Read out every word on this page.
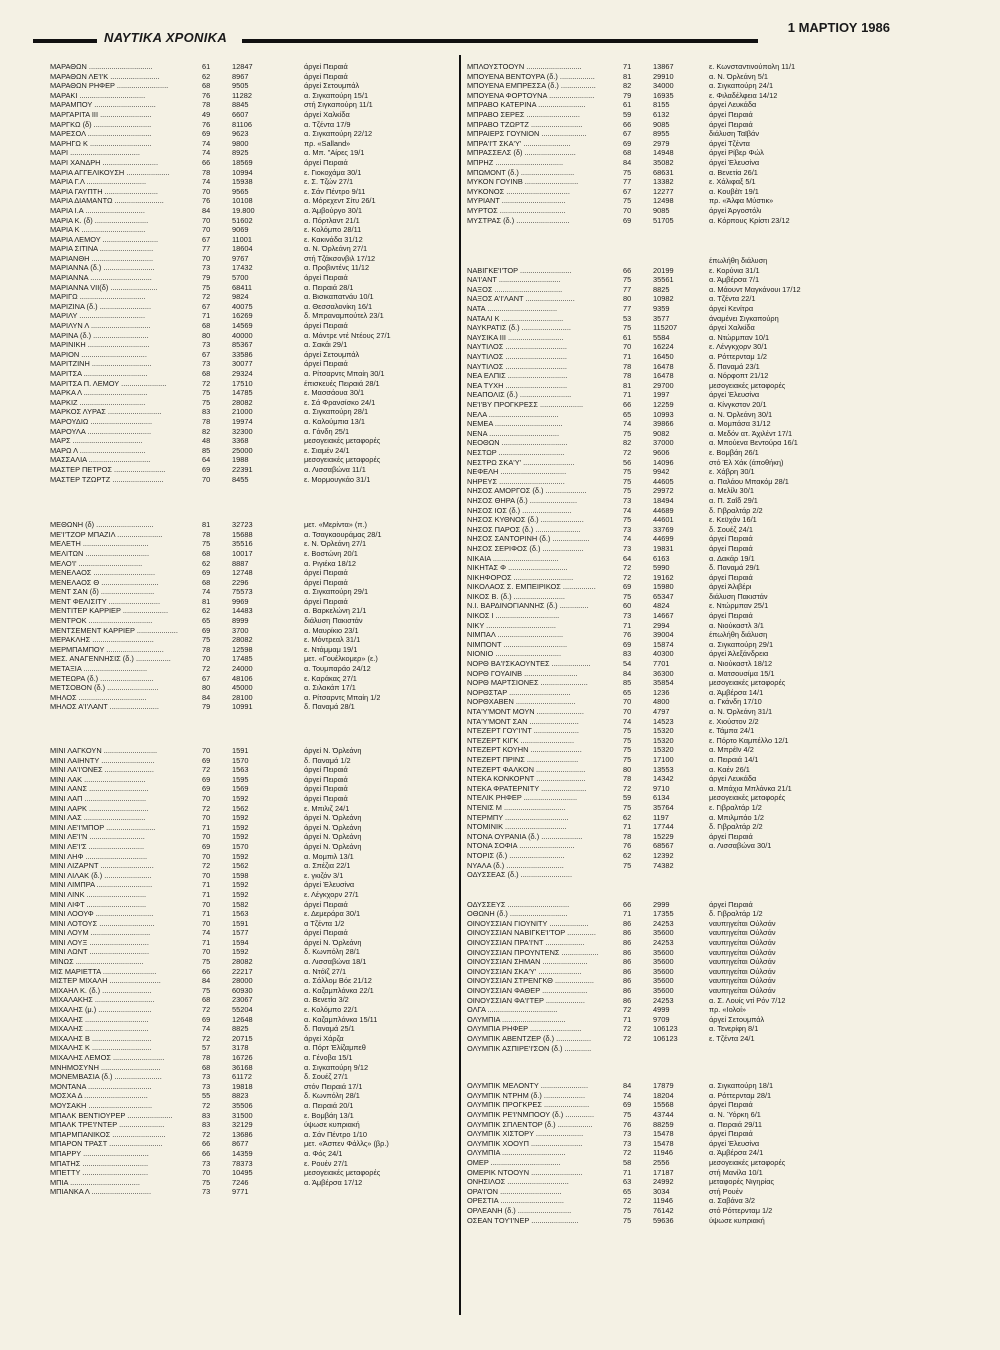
ΝΑΥΤΙΚΑ ΧΡΟΝΙΚΑ
1 ΜΑΡΤΙΟΥ 1986
ΜΑΡΑΘΩΝ ...............................	61	12847	άργεί Πειραιά
ΜΑΡΑΘΩΝ ΛΕ'Ι'Κ ........................	62	8967	άργεί Πειραιά
ΜΑΡΑΘΩΝ ΡΗΦΕΡ .........................	68	9505	άργεί Σετουμπάλ
ΜΑΡΑΚΙ ................................	76	11282	α. Σιγκαπούρη 15/1
ΜΑΡΑΜΠΟΥ ..............................	78	8845	στή Σιγκαπούρη 11/1
ΜΑΡΓΑΡΙΤΑ III .........................	49	6607	άργεί Χαλκίδα
ΜΑΡΓΚΩ (δ) ............................	76	81106	α. Τζέντα 17/9
ΜΑΡΕΣΟΛ ...............................	69	9623	α. Σιγκαπούρη 22/12
ΜΑΡΗΓΩ Κ ..............................	74	9800	πρ. «Salland»
ΜΑΡΙ ..................................	74	8925	α. Μπ. "Αίρες 19/1
ΜΑΡΙ ΧΑΝΔΡΗ ...........................	66	18569	άργεί Πειραιά
ΜΑΡΙΑ ΑΓΓΕΛΙΚΟΥΣΗ .....................	78	10994	ε. Γιοκοχάμα 30/1
ΜΑΡΙΑ Γ.Λ .............................	74	15938	ε. Σ. Τζών 27/1
ΜΑΡΙΑ ΓΑΥΠΤΗ ..........................	70	9565	ε. Σάν Πέντρο 9/11
ΜΑΡΙΑ ΔΙΑΜΑΝΤΩ ........................	76	10108	α. Μόρεχεντ Σίτυ 26/1
ΜΑΡΙΑ Ι.Α .............................	84	19.800	α. Άμβούργο 30/1
ΜΑΡΙΑ Κ. (δ) ..........................	70	51602	α. Πόρτλαντ 21/1
ΜΑΡΙΑ Κ ...............................	70	9069	ε. Κολόμπο 28/11
ΜΑΡΙΑ ΛΕΜΟΥ ...........................	67	11001	ε. Κακινάδα 31/12
ΜΑΡΙΑ ΣΙΤΙΝΑ ..........................	77	18604	α. Ν. Όρλεάνη 27/1
ΜΑΡΙΑΝΘΗ ..............................	70	9767	στή Τζάκσονβιλ 17/12
ΜΑΡΙΑΝΝΑ (δ.) .........................	73	17432	α. Προβιντένς 11/12
ΜΑΡΙΑΝΝΑ ..............................	79	5700	άργεί Πειραιά
ΜΑΡΙΑΝΝΑ VII(δ) .......................	75	68411	α. Πειραιά 28/1
ΜΑΡΙΓΩ ................................	72	9824	α. Βισικαπατνάυ 10/1
ΜΑΡΙΖΙΝΑ (δ.) .........................	67	40075	α. Θεσσαλονίκη 16/1
ΜΑΡΙΛΥ ................................	71	16269	δ. Μπραναμπούτελ 23/1
ΜΑΡΙΛΥΝ Λ .............................	68	14569	άργεί Πειραιά
ΜΑΡΙΝΑ (δ.) ...........................	80	40000	α. Μάντρε ντέ Ντέους 27/1
ΜΑΡΙΝΙΚΗ ..............................	73	85367	α. Σακάι 29/1
ΜΑΡΙΟΝ ................................	67	33586	άργεί Σετουμπάλ
ΜΑΡΙΤΖΙΝΗ .............................	73	30077	άργεί Πειραιά
ΜΑΡΙΤΣΑ ...............................	68	29324	α. Ρίτσαρντς Μπαίη 30/1
ΜΑΡΙΤΣΑ Π. ΛΕΜΟΥ ......................	72	17510	έπισκευές Πειραιά 28/1
ΜΑΡΚΑ Λ ...............................	75	14785	ε. Μασσάουα 30/1
ΜΑΡΚΙΖ ................................	75	28082	ε. Σά Φρανσίσκο 24/1
ΜΑΡΚΟΣ ΛΥΡΑΣ ..........................	83	21000	α. Σιγκαπούρη 28/1
ΜΑΡΟΥΔΙΩ ..............................	78	19974	α. Καλούμπια 13/1
ΜΑΡΟΥΛΑ ...............................	82	32300	α. Γάνδη 25/1
ΜΑΡΣ ..................................	48	3368	μεσογειακές μεταφορές
ΜΑΡΩ Λ ................................	85	25000	ε. Σιαμέν 24/1
ΜΑΣΣΑΛΙΑ ..............................	64	1988	μεσογειακές μεταφορές
ΜΑΣΤΕΡ ΠΕΤΡΟΣ .........................	69	22391	α. Λισσαβώνα 11/1
ΜΑΣΤΕΡ ΤΖΩΡΤΖ .........................	70	8455	ε. Μορμουγκάο 31/1
ΜΕΘΩΝΗ (δ) ............................	81	32723	μετ. «Μερίντα» (π.)
ΜΕ'Ι'ΤΖΟΡ ΜΠΑΖΙΛ ......................	78	15688	α. Τσαγκαουράμας 28/1
ΜΕΛΕΤΗ ................................	75	35516	ε. Ν. Όρλεάνη 27/1
ΜΕΛΙΤΩΝ ...............................	68	10017	ε. Βοστώνη 20/1
ΜΕΛΟ'Ι' ...............................	62	8887	α. Ριγιέκα 18/12
ΜΕΝΕΛΑΟΣ ..............................	69	12748	άργεί Πειραιά
ΜΕΝΕΛΑΟΣ Θ ............................	68	2296	άργεί Πειραιά
ΜΕΝΤ ΣΑΝ (δ) ..........................	74	75573	α. Σιγκαπούρη 29/1
ΜΕΝΤ ΦΕΛΙΣΙΤΥ .........................	81	9969	άργεί Πειραιά
ΜΕΝΤΙΤΕΡ ΚΑΡΡΙΕΡ ......................	62	14483	α. Βαρκελώνη 21/1
ΜΕΝΤΡΟΚ ...............................	65	8999	διάλυση Πακιστάν
ΜΕΝΤΣΕΜΕΝΤ ΚΑΡΡΙΕΡ ....................	69	3700	α. Μαυρίκιο 23/1
ΜΕΡΑΚΛΗΣ ..............................	75	28082	ε. Μόντρεαλ 31/1
ΜΕΡΜΠΑΜΠΟΥ ............................	78	12598	ε. Ντάμμαμ 19/1
ΜΕΣ. ΑΝΑΓΕΝΝΗΣΙΣ (δ.) .................	70	17485	μετ. «Γουέλκομερ» (ε.)
ΜΕΤΑΞΙΑ ...............................	72	24000	α. Τουμπαράο 24/12
ΜΕΤΕΩΡΑ (δ.) ..........................	67	48106	ε. Καράκας 27/1
ΜΕΤΣΟΒΟΝ (δ.) .........................	80	45000	α. Σιλακάπ 17/1
ΜΗΛΟΣ .................................	84	28100	α. Ρίτσαρντς Μπαίη 1/2
ΜΗΛΟΣ Α'Ι'ΛΑΝΤ ........................	79	10991	δ. Παναμά 28/1
ΜΙΝΙ ΛΑΓΚΟΥΝ ..........................	70	1591	άργεί Ν. Όρλεάνη
ΜΙΝΙ ΛΑΙΗΝΤΥ ..........................	69	1570	δ. Παναμά 1/2
ΜΙΝΙ ΛΑ'Ι'ΟΝΕΣ ........................	72	1563	άργεί Πειραιά
ΜΙΝΙ ΛΑΚ ..............................	69	1595	άργεί Πειραιά
ΜΙΝΙ ΛΑΝΣ .............................	69	1569	άργεί Πειραιά
ΜΙΝΙ ΛΑΠ ..............................	70	1592	άργεί Πειραιά
ΜΙΝΙ ΛΑΡΚ .............................	72	1562	ε. Μπιλιζ 24/1
ΜΙΝΙ ΛΑΣ ..............................	70	1592	άργεί Ν. Όρλεάνη
ΜΙΝΙ ΛΕ'Ι'ΜΠΟΡ ........................	71	1592	άργεί Ν. Όρλεάνη
ΜΙΝΙ ΛΕ'Ι'Ν ...........................	70	1592	άργεί Ν. Όρλεάνη
ΜΙΝΙ ΛΕ'Ι'Σ ...........................	69	1570	άργεί Ν. Όρλεάνη
ΜΙΝΙ ΛΗΦ ..............................	70	1592	α. Μομπιλ 13/1
ΜΙΝΙ ΛΙΖΑΡΝΤ ..........................	72	1562	α. Σπέζια 22/1
ΜΙΝΙ ΛΙΛΑΚ (δ.) .......................	70	1598	ε. γκιζόν 3/1
ΜΙΝΙ ΛΙΜΠΡΑ ...........................	71	1592	άργεί Έλευσίνα
ΜΙΝΙ ΛΙΝΚ .............................	71	1592	ε. Λέγκχορν 27/1
ΜΙΝΙ ΛΙΦΤ .............................	70	1582	άργεί Πειραιά
ΜΙΝΙ ΛΟΟΥΦ ............................	71	1563	ε. Δεμεράρα 30/1
ΜΙΝΙ ΛΟΤΟΥΣ ...........................	70	1591	α Τζέντα 1/2
ΜΙΝΙ ΛΟΥΜ .............................	74	1577	άργεί Πειραιά
ΜΙΝΙ ΛΟΥΞ .............................	71	1594	άργεί Ν. Όρλεάνη
ΜΙΝΙ ΛΩΝΤ .............................	70	1592	δ. Κωνπόλη 28/1
ΜΙΝΩΣ .................................	75	28082	α. Λισσαβώνα 18/1
ΜΙΣ ΜΑΡΙΕΤΤΑ ..........................	66	22217	α. Ντόϊζ 27/1
ΜΙΣΤΕΡ ΜΙΧΑΛΗ .........................	84	28000	α. Σάλλομ Βόε 21/12
ΜΙΧΑΗΛ Κ. (δ.) ........................	75	60930	α. Καζαμπλάνκα 22/1
ΜΙΧΑΛΑΚΗΣ .............................	68	23067	α. Βενετία 3/2
ΜΙΧΑΛΗΣ (μ.) ..........................	72	55204	ε. Κολόμπο 22/1
ΜΙΧΑΛΗΣ ...............................	69	12648	α. Καζαμπλάνκα 15/11
ΜΙΧΑΛΗΣ ...............................	74	8825	δ. Παναμά 25/1
ΜΙΧΑΛΗΣ Β .............................	72	20715	άργεί Χάρζα
ΜΙΧΑΛΗΣ Κ .............................	57	3178	α. Πόρτ Έλίζαμπεθ
ΜΙΧΑΛΗΣ ΛΕΜΟΣ .........................	78	16726	α. Γένοβα 15/1
ΜΝΗΜΟΣΥΝΗ .............................	68	36168	α. Σιγκαπούρη 9/12
ΜΟΝΕΜΒΑΣΙΑ (δ.) .......................	73	61172	δ. Σουέζ 27/1
ΜΟΝΤΑΝΑ ...............................	73	19818	στόν Πειραιά 17/1
ΜΟΣΧΑ Δ ...............................	55	8823	δ. Κωνπόλη 28/1
ΜΟΥΣΑΚΗ ...............................	72	35506	α. Πειραιά 20/1
ΜΠΑΛΚ ΒΕΝΤΙΟΥΡΕΡ ......................	83	31500	ε. Βομβάη 13/1
ΜΠΑΛΚ ΤΡΕ'Ι'ΝΤΕΡ ......................	83	32129	ύψωσε κυπριακή
ΜΠΑΡΜΠΑΝΙΚΟΣ ..........................	72	13686	α. Σάν Πέντρο 1/10
ΜΠΑΡΟΝ ΤΡΑΣΤ ..........................	66	8677	μετ. «Άσπεν Φάλλς» (βρ.)
ΜΠΑΡΡΥ ................................	66	14359	α. Φός 24/1
ΜΠΑΤΗΣ ................................	73	78373	ε. Ρουέν 27/1
ΜΠΕΤΤΥ ................................	70	10495	μεσογειακές μεταφορές
ΜΠΙΑ ..................................	75	7246	α. Άμβέρσα 17/12
ΜΠΙΑΝΚΑ Λ .............................	73	9771
ΜΠΛΟΥΣΤΟΟΥΝ ...........................	71	13867	ε. Κωνσταντινούπολη 11/1
ΜΠΟΥΕΝΑ ΒΕΝΤΟΥΡΑ (δ.) .................	81	29910	α. Ν. Όρλεάνη 5/1
ΜΠΟΥΕΝΑ ΕΜΠΡΕΣΣΑ (δ.) .................	82	34000	α. Σιγκαπούρη 24/1
ΜΠΟΥΕΝΑ ΦΟΡΤΟΥΝΑ ......................	79	16935	ε. Φιλαδέλφεια 14/12
ΜΠΡΑΒΟ ΚΑΤΕΡΙΝΑ .......................	61	8155	άργεί Λευκάδα
ΜΠΡΑΒΟ ΣΕΡΕΣ ..........................	59	6132	άργεί Πειραιά
ΜΠΡΑΒΟ ΤΖΩΡΤΖ .........................	66	9085	άργεί Πειραιά
ΜΠΡΑΙΕΡΣ ΓΟΥΝΙΟΝ ......................	67	8955	διάλυση Ταϊβάν
ΜΠΡΑ'Ι'Τ ΣΚΑ'Υ' .......................	69	2979	άργεί Τζέντα
ΜΠΡΑΣΣΕΛΣ (δ) .........................	68	14948	άργεί Ρίβερ Φώλ
ΜΠΡΗΖ .................................	84	35082	άργεί Έλευσίνα
ΜΠΩΜΟΝΤ (δ.) ..........................	75	68631	α. Βενετία 26/1
ΜΥΚΟΝ ΓΟΥΙΝΒ ..........................	77	13382	ε. Χάλιφαξ 5/1
ΜΥΚΟΝΟΣ ...............................	67	12277	α. Κουβέϊτ 19/1
ΜΥΡΙΑΝΤ ...............................	75	12498	πρ. «Άλφα Μύστικ»
ΜΥΡΤΟΣ ................................	70	9085	άργεί Άργοστόλι
ΜΥΣΤΡΑΣ (δ.) ..........................	69	51705	α. Κόρπους Κρίστι 23/12
έπωλήθη διάλυση
ΝΑΒΙΓΚΕ'Ι'ΤΟΡ .........................	66	20199	ε. Κορύνια 31/1
ΝΑ'Ι'ΑΝΤ ..............................	75	35561	α. Άμβέρσα 7/1
ΝΑΞΟΣ .................................	77	8825	α. Μάουντ Μαγκάνουι 17/12
ΝΑΞΟΣ Α'Ι'ΛΑΝΤ ........................	80	10982	α. Τζέντα 22/1
ΝΑΤΑ ..................................	77	9359	άργεί Κενίτρα
ΝΑΤΑΛΙ Κ ..............................	53	3577	άναμένει Σιγκαπούρη
ΝΑΥΚΡΑΤΙΣ (δ.) ........................	75	115207	άργεί Χαλκίδα
ΝΑΥΣΙΚΑ III ...........................	61	5584	α. Ντώρμπαν 10/1
ΝΑΥΤΙΛΟΣ ..............................	70	16224	ε. Λένγκχορν 30/1
ΝΑΥΤΙΛΟΣ ..............................	71	16450	α. Ρόττερνταμ 1/2
ΝΑΥΤΙΛΟΣ ..............................	78	16478	δ. Παναμά 23/1
ΝΕΑ ΕΛΠΙΣ .............................	78	16478	α. Νόρφοπτ 21/12
ΝΕΑ ΤΥΧΗ ..............................	81	29700	μεσογειακές μεταφορές
ΝΕΑΠΟΛΙΣ (δ.) .........................	71	1997	άργεί Έλευσίνα
ΝΕ'Ι'ΒΥ ΠΡΟΓΚΡΕΣΣ .....................	66	12259	α. Κίνγκστον 20/1
ΝΕΛΑ ..................................	65	10993	α. Ν. Όρλεάνη 30/1
ΝΕΜΕΑ .................................	74	39866	α. Μομπάσα 31/12
ΝΕΝΑ ..................................	75	9082	α. Μεδόν ατ. Άχιλέντ 17/1
ΝΕΟΘΩΝ ................................	82	37000	α. Μπούενα Βεντούρα 16/1
ΝΕΣΤΩΡ ................................	72	9606	ε. Βομβάη 26/1
ΝΕΣΤΡΩ ΣΚΑ'Υ' .........................	56	14096	στό Έλ Χάκ (άποθήκη)
ΝΕΦΕΛΗ ................................	75	9942	ε. Χάβρη 30/1
ΝΗΡΕΥΣ ................................	75	44605	α. Παλάου Μπακόμ 28/1
ΝΗΣΟΣ ΑΜΟΡΓΟΣ (δ.) ....................	75	29972	α. Μελίλι 30/1
ΝΗΣΟΣ ΘΗΡΑ (δ.) .......................	73	18494	α. Π. Σαΐδ 29/1
ΝΗΣΟΣ ΙΟΣ (δ.) ........................	74	44689	δ. Γιβραλτάρ 2/2
ΝΗΣΟΣ ΚΥΘΝΟΣ (δ.) .....................	75	44601	ε. Κεϋχάν 16/1
ΝΗΣΟΣ ΠΑΡΟΣ (δ.) ......................	73	33769	δ. Σουέζ 24/1
ΝΗΣΟΣ ΣΑΝΤΟΡΙΝΗ (δ.) ..................	74	44699	άργεί Πειραιά
ΝΗΣΟΣ ΣΕΡΙΦΟΣ (δ.) ....................	73	19831	άργεί Πειραιά
ΝΙΚΑΙΑ ................................	64	6163	α. Δακάρ 19/1
ΝΙΚΗΤΑΣ Φ .............................	72	5990	δ. Παναμά 29/1
ΝΙΚΗΦΟΡΟΣ .............................	72	19162	άργεί Πειραιά
ΝΙΚΟΛΑΟΣ Σ. ΕΜΠΕΙΡΙΚΟΣ ................	69	15980	άργεί Άλιβέρι
ΝΙΚΟΣ Β. (δ.) .........................	75	65347	διάλυση Πακιστάν
Ν.Ι. ΒΑΡΔΙΝΟΓΙΑΝΝΗΣ (δ.) ..............	60	4824	ε. Ντώρμπαν 25/1
ΝΙΚΟΣ Ι ...............................	73	14667	άργεί Πειραιά
ΝΙΚΥ ..................................	71	2994	α. Νιούκαστλ 3/1
ΝΙΜΠΑΛ ................................	76	39004	έπωλήθη διάλυση
ΝΙΜΠΟΝΤ ...............................	69	15874	α. Σιγκαπούρη 29/1
ΝΙΟΝΙΟ ................................	83	40300	άργεί Άλεξάνδρεια
ΝΟΡΘ ΒΑ'Ι'ΣΚΑΟΥΝΤΕΣ ...................	54	7701	α. Νιούκαστλ 18/12
ΝΟΡΘ ΓΟΥΑΙΝΒ ..........................	84	36300	α. Ματσουσίμα 15/1
ΝΟΡΘ ΜΑΡΤΣΙΟΝΕΣ .......................	85	35854	μεσογειακές μεταφορές
ΝΟΡΘΣΤΑΡ ..............................	65	1236	α. Άμβέρσα 14/1
ΝΟΡΘΧΑΒΕΝ .............................	70	4800	α. Γκάνδη 17/10
ΝΤΑ'Υ'ΜΟΝΤ ΜΟΥΝ .......................	70	4797	α. Ν. Όρλεάνη 31/1
ΝΤΑ'Υ'ΜΟΝΤ ΣΑΝ ........................	74	14523	ε. Χιούστον 2/2
ΝΤΕΖΕΡΤ ΓΟΥ'Ι'ΝΤ ......................	75	15320	ε. Τάμπα 24/1
ΝΤΕΖΕΡΤ ΚΙΓΚ ..........................	75	15320	ε. Πόρτο Καμπέλλο 12/1
ΝΤΕΖΕΡΤ ΚΟΥΗΝ .........................	75	15320	α. Μπρέϊν 4/2
ΝΤΕΖΕΡΤ ΠΡΙΝΣ .........................	75	17100	α. Πειραιά 14/1
ΝΤΕΖΕΡΤ ΦΑΛΚΟΝ ........................	80	13553	α. Καέν 26/1
ΝΤΕΚΑ ΚΟΝΚΟΡΝΤ ........................	78	14342	άργεί Λευκάδα
ΝΤΕΚΑ ΦΡΑΤΕΡΝΙΤΥ ......................	72	9710	α. Μπάχια Μπλάνκα 21/1
ΝΤΕΛΙΚ ΡΗΦΕΡ ..........................	59	6134	μεσογειακές μεταφορές
ΝΤΕΝΙΣ Μ ..............................	75	35764	ε. Γιβραλτάρ 1/2
ΝΤΕΡΜΠΥ ...............................	62	1197	α. Μπιλμπάο 1/2
ΝΤΟΜΙΝΙΚ ..............................	71	17744	δ. Γιβραλτάρ 2/2
ΝΤΟΝΑ ΟΥΡΑΝΙΑ (δ.) ....................	78	15229	άργεί Πειραιά
ΝΤΟΝΑ ΣΟΦΙΑ ...........................	76	68567	α. Λισσαβώνα 30/1
ΝΤΟΡΙΣ (δ.) ...........................	62	12392
ΝΥΑΛΑ (δ.) ............................	75	74382
ΟΔΥΣΣΕΑΣ (δ.) .........................
ΟΔΥΣΣΕΥΣ ..............................	66	2999	άργεί Πειραιά
ΟΘΩΝΗ (δ.) ............................	71	17355	δ. Γιβραλτάρ 1/2
ΟΙΝΟΥΣΣΙΑΝ ΓΙΟΥΝΙΤΥ ...................	86	24253	ναυπηγείται Ούλσάν
ΟΙΝΟΥΣΣΙΑΝ ΝΑΒΙΓΚΕ'Ι'ΤΟΡ ..............	86	35600	ναυπηγείται Ούλσάν
ΟΙΝΟΥΣΣΙΑΝ ΠΡΑ'Ι'ΝΤ ...................	86	24253	ναυπηγείται Ούλσάν
ΟΙΝΟΥΣΣΙΑΝ ΠΡΟΥΝΤΕΝΣ ..................	86	35600	ναυπηγείται Ούλσάν
ΟΙΝΟΥΣΣΙΑΝ ΣΗΜΑΝ ......................	86	35600	ναυπηγείται Ούλσάν
ΟΙΝΟΥΣΣΙΑΝ ΣΚΑ'Υ' .....................	86	35600	ναυπηγείται Ούλσάν
ΟΙΝΟΥΣΣΙΑΝ ΣΤΡΕΝΓΚΘ ...................	86	35600	ναυπηγείται Ούλσάν
ΟΙΝΟΥΣΣΙΑΝ ΦΑΘΕΡ ......................	86	35600	ναυπηγείται Ούλσάν
ΟΙΝΟΥΣΣΙΑΝ ΦΑ'Ι'ΤΕΡ ...................	86	24253	α. Σ. Λουίς ντί Ρόν 7/12
ΟΛΓΑ ..................................	72	4999	πρ. «Ιολοί»
ΟΛΥΜΠΙΑ ...............................	71	9709	άργεί Σετουμπάλ
ΟΛΥΜΠΙΑ ΡΗΦΕΡ .........................	72	106123	α. Τενερίφη 8/1
ΟΛΥΜΠΙΚ ΑΒΕΝΤΖΕΡ (δ.) .................	72	106123	ε. Τζέντα 24/1
ΟΛΥΜΠΙΚ ΑΣΠΙΡΕ'Ι'ΣΟΝ (δ.) .............
ΟΛΥΜΠΙΚ ΜΕΛΟΝΤΥ .......................	84	17879	α. Σιγκαπούρη 18/1
ΟΛΥΜΠΙΚ ΝΤΡΗΜ (δ.) ....................	74	18204	α. Ρόττερνταμ 28/1
ΟΛΥΜΠΙΚ ΠΡΟΓΚΡΕΣ ......................	69	15568	άργεί Πειραιά
ΟΛΥΜΠΙΚ ΡΕ'Ι'ΝΜΠΟΟΥ (δ.) ..............	75	43744	α. Ν. Ύόρκη 6/1
ΟΛΥΜΠΙΚ ΣΠΛΕΝΤΟΡ (δ.) .................	76	88259	α. Πειραιά 29/11
ΟΛΥΜΠΙΚ ΧΙΣΤΟΡΥ .......................	73	15478	άργεί Πειραιά
ΟΛΥΜΠΙΚ ΧΟΟΥΠ .........................	73	15478	άργεί Έλευσίνα
ΟΛΥΜΠΙΑ ...............................	72	11946	α. Άμβέρσα 24/1
ΟΜΕΡ ..................................	58	2556	μεσογειακές μεταφορές
ΟΜΕΡΙΚ ΝΤΟΟΥΝ .........................	71	17187	στή Μανίλα 10/1
ΟΝΗΣΙΛΟΣ ..............................	63	24992	μεταφορές Νιγηρίας
ΟΡΑ'Ι'ΟΝ ..............................	65	3034	στή Ρουέν
ΟΡΕΣΤΙΑ ...............................	72	11946	α. Σαβάνα 3/2
ΟΡΛΕΑΝΗ (δ.) ..........................	75	76142	στό Ρόττερνταμ 1/2
ΟΣΕΑΝ ΤΟΥ'Ι'ΝΕΡ .......................	75	59636	ύψωσε κυπριακή
